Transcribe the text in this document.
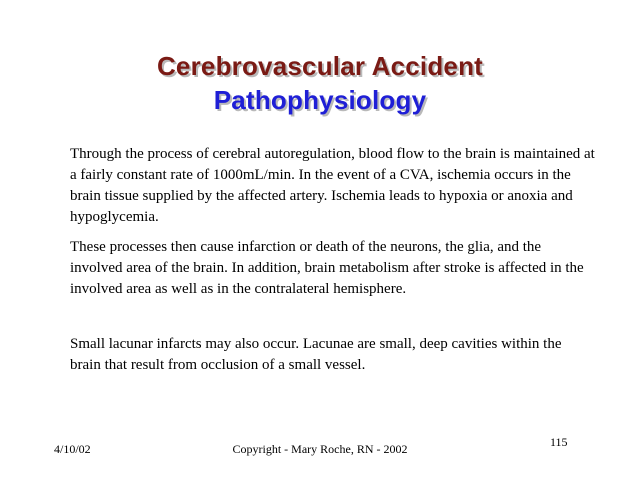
Cerebrovascular Accident
Pathophysiology

Through the process of cerebral autoregulation, blood flow to the brain is maintained at a fairly constant rate of 1000mL/min. In the event of a CVA, ischemia occurs in the brain tissue supplied by the affected artery. Ischemia leads to hypoxia or anoxia and hypoglycemia.

These processes then cause infarction or death of the neurons, the glia, and the involved area of the brain. In addition, brain metabolism after stroke is affected in the involved area as well as in the contralateral hemisphere.

Small lacunar infarcts may also occur. Lacunae are small, deep cavities within the brain that result from occlusion of a small vessel.

4/10/02	Copyright - Mary Roche, RN - 2002	115
